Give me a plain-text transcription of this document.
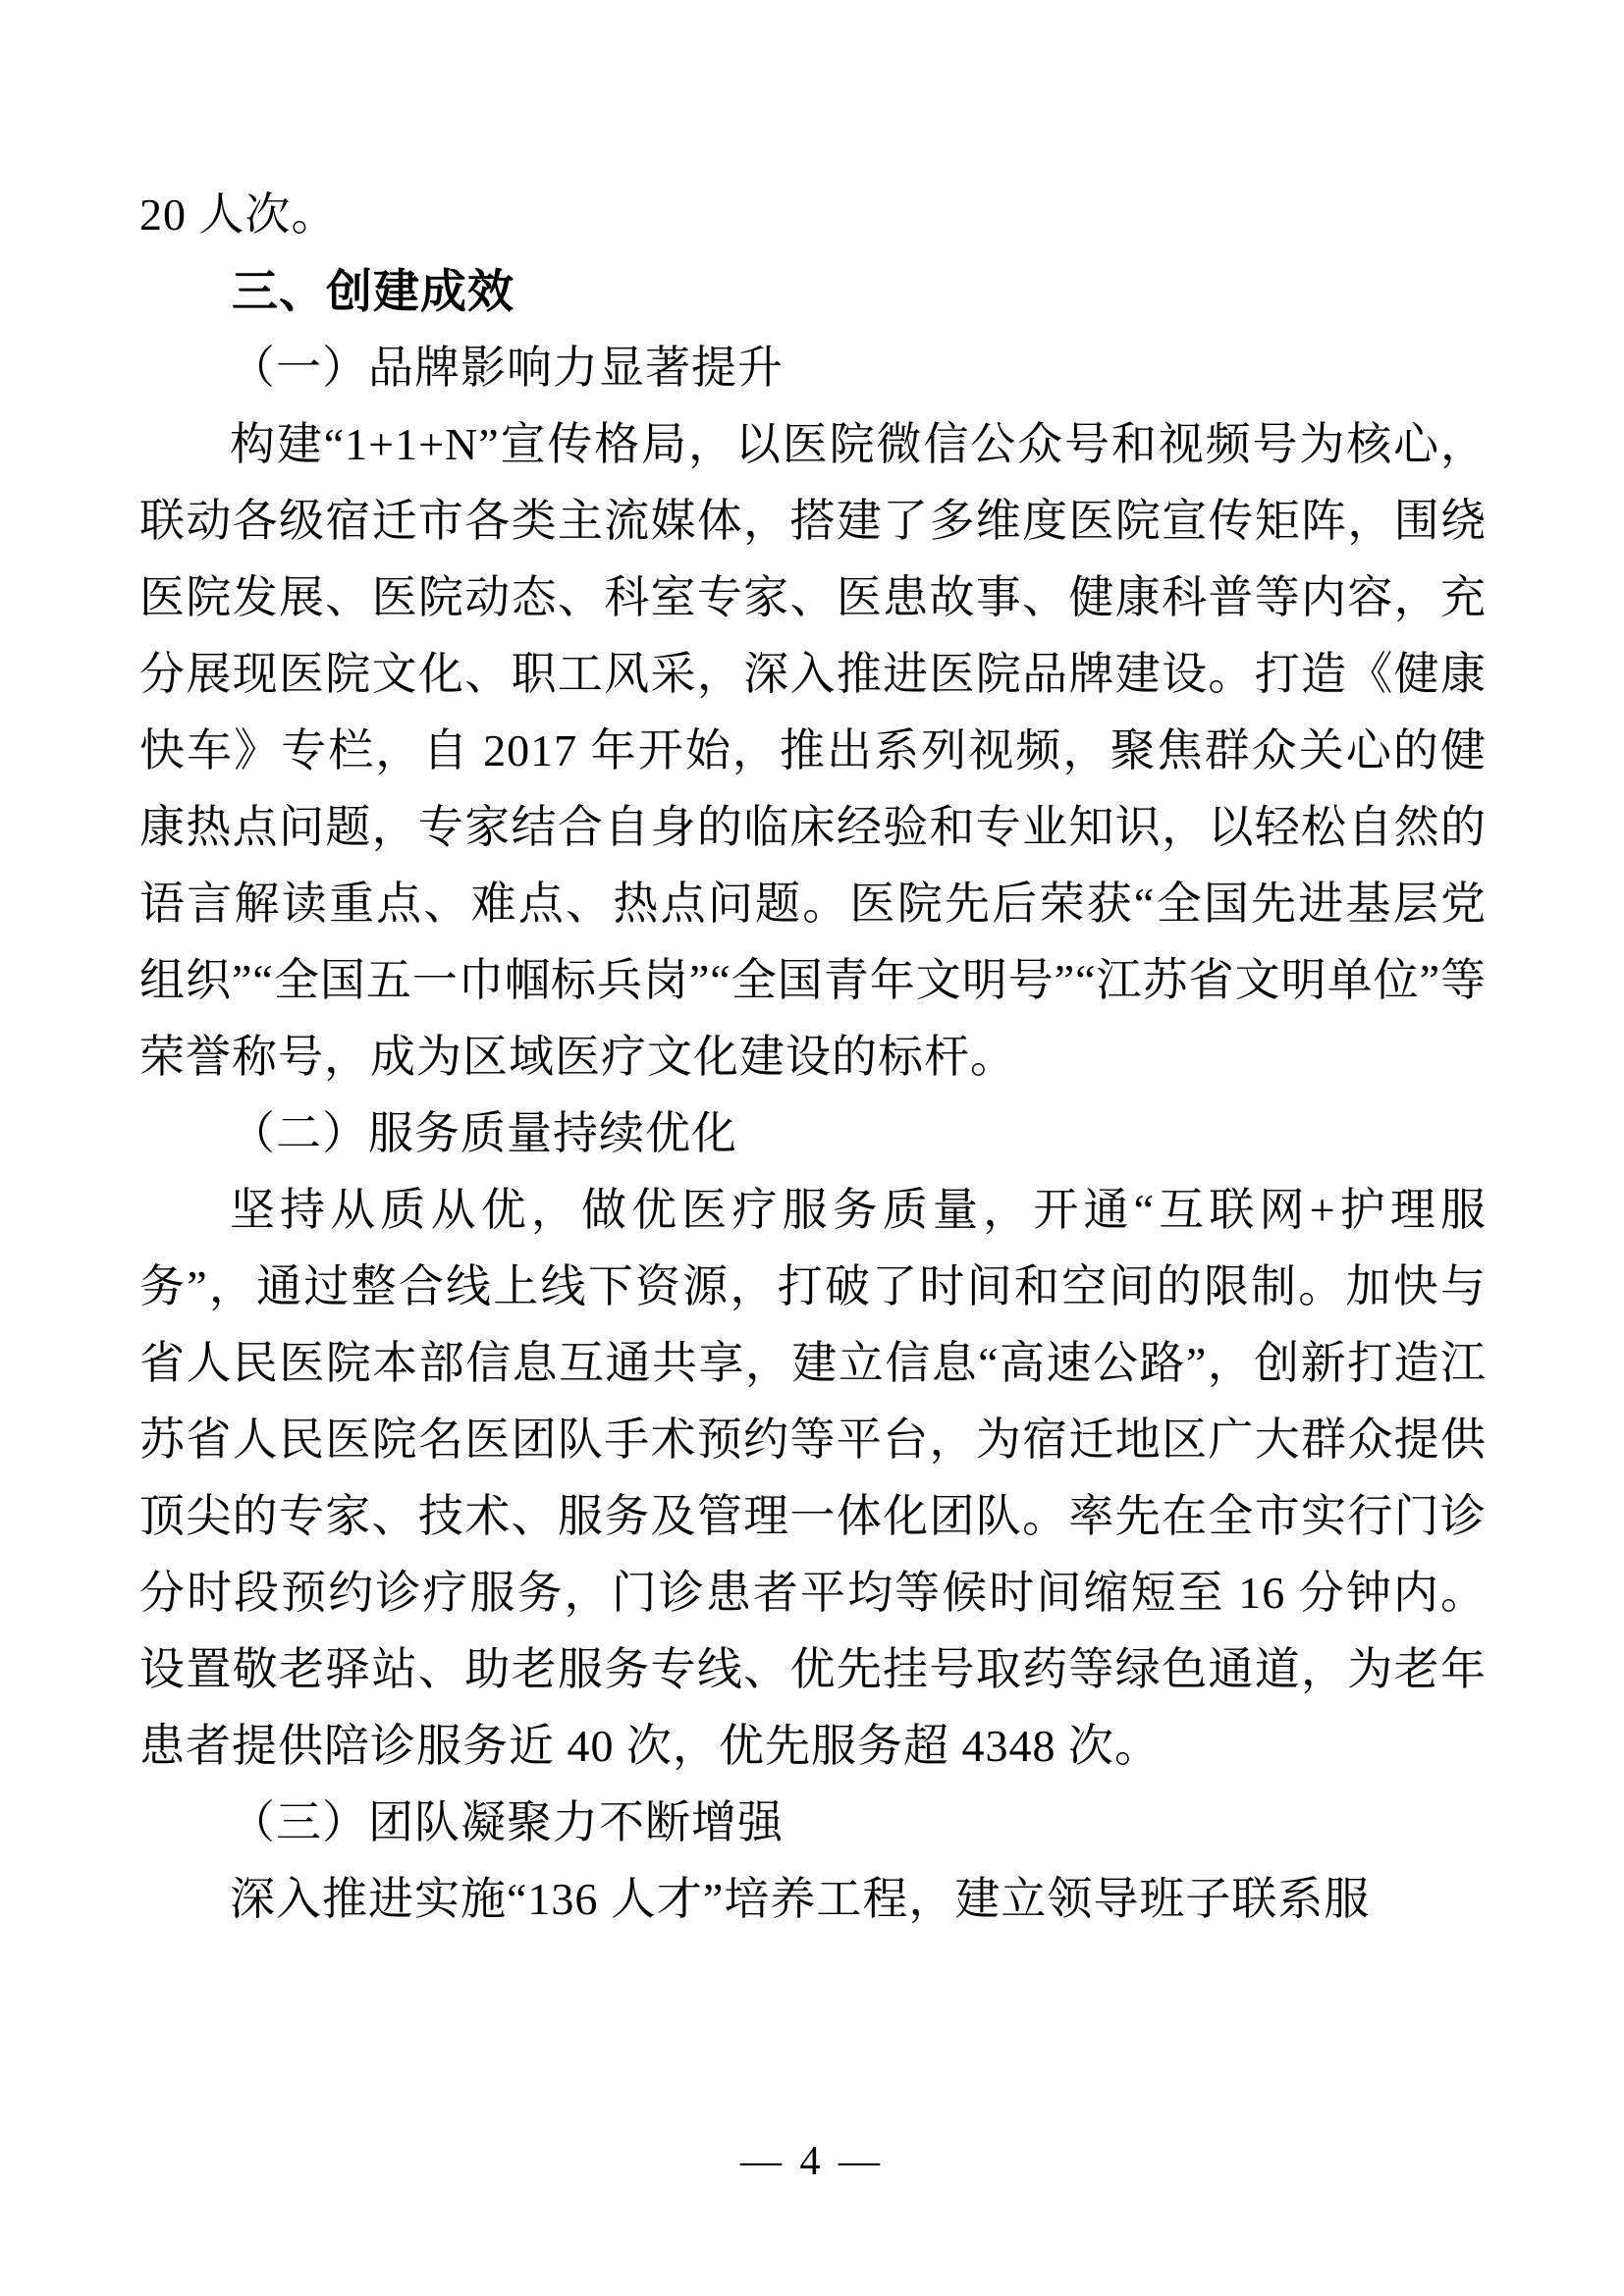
20 人次。

三、创建成效
（一）品牌影响力显著提升

构建“1+1+N”宣传格局，以医院微信公众号和视频号为核心，联动各级宿迁市各类主流媒体，搭建了多维度医院宣传矩阵，围绕医院发展、医院动态、科室专家、医患故事、健康科普等内容，充分展现医院文化、职工风采，深入推进医院品牌建设。打造《健康快车》专栏，自 2017 年开始，推出系列视频，聚焦群众关心的健康热点问题，专家结合自身的临床经验和专业知识，以轻松自然的语言解读重点、难点、热点问题。医院先后荣获“全国先进基层党组织”“全国五一巾帼标兵岗”“全国青年文明号”“江苏省文明单位”等荣誉称号，成为区域医疗文化建设的标杆。

（二）服务质量持续优化

坚持从质从优，做优医疗服务质量，开通“互联网+护理服务”，通过整合线上线下资源，打破了时间和空间的限制。加快与省人民医院本部信息互通共享，建立信息“高速公路”，创新打造江苏省人民医院名医团队手术预约等平台，为宿迁地区广大群众提供顶尖的专家、技术、服务及管理一体化团队。率先在全市实行门诊分时段预约诊疗服务，门诊患者平均等候时间缩短至 16 分钟内。设置敬老驿站、助老服务专线、优先挂号取药等绿色通道，为老年患者提供陪诊服务近 40 次，优先服务超 4348 次。

（三）团队凝聚力不断增强

深入推进实施“136 人才”培养工程，建立领导班子联系服

— 4 —
